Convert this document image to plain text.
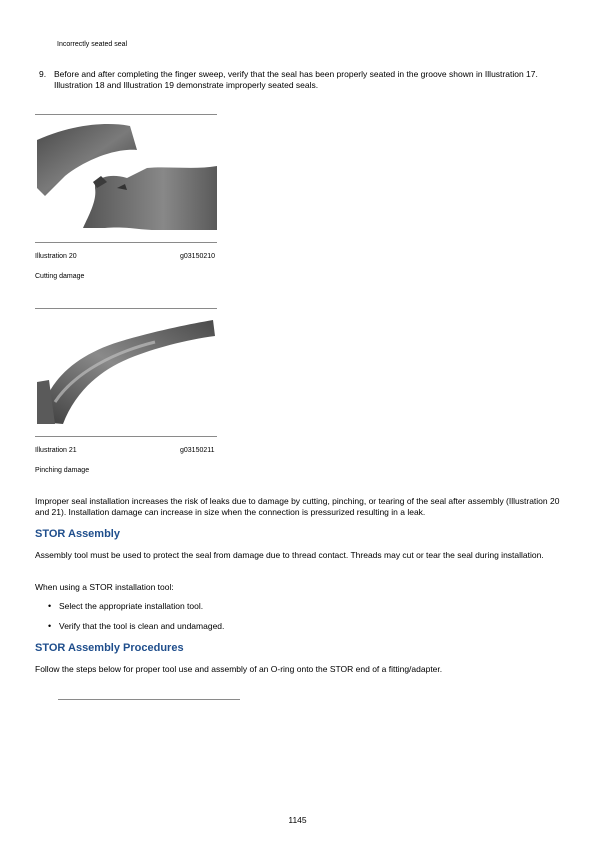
Incorrectly seated seal
9. Before and after completing the finger sweep, verify that the seal has been properly seated in the groove shown in Illustration 17. Illustration 18 and Illustration 19 demonstrate improperly seated seals.
Illustration 20	g03150210
Cutting damage
Illustration 21	g03150211
Pinching damage
Improper seal installation increases the risk of leaks due to damage by cutting, pinching, or tearing of the seal after assembly (Illustration 20 and 21). Installation damage can increase in size when the connection is pressurized resulting in a leak.
STOR Assembly
Assembly tool must be used to protect the seal from damage due to thread contact. Threads may cut or tear the seal during installation.
When using a STOR installation tool:
• Select the appropriate installation tool.
• Verify that the tool is clean and undamaged.
STOR Assembly Procedures
Follow the steps below for proper tool use and assembly of an O-ring onto the STOR end of a fitting/adapter.
1145
